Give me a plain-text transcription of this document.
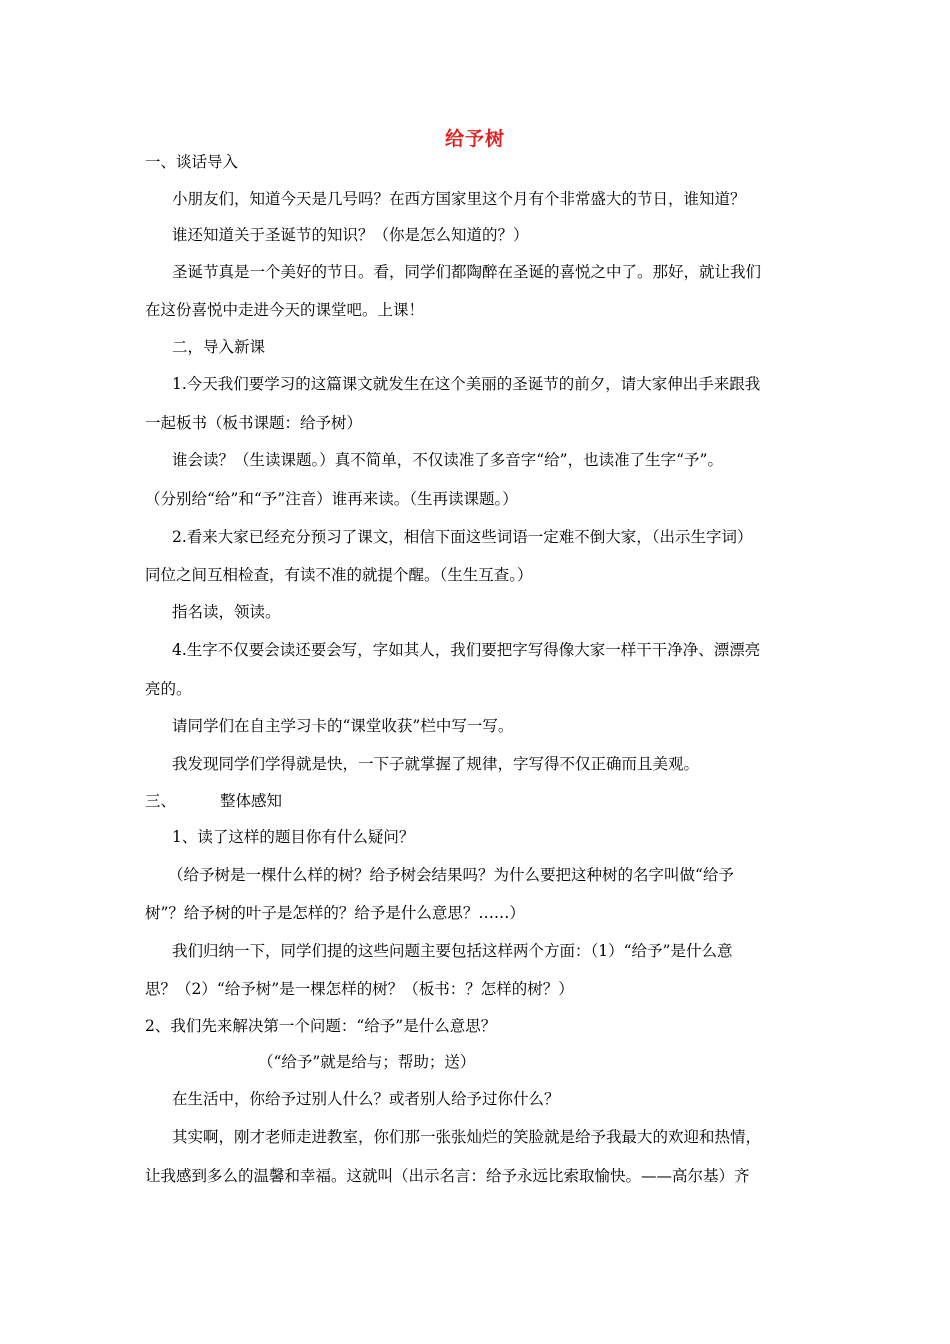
给予树
一、谈话导入
小朋友们，知道今天是几号吗？在西方国家里这个月有个非常盛大的节日，谁知道？
谁还知道关于圣诞节的知识？（你是怎么知道的？）
圣诞节真是一个美好的节日。看，同学们都陶醉在圣诞的喜悦之中了。那好，就让我们
在这份喜悦中走进今天的课堂吧。上课！
二，导入新课
1.今天我们要学习的这篇课文就发生在这个美丽的圣诞节的前夕，请大家伸出手来跟我
一起板书（板书课题：给予树）
谁会读？（生读课题。）真不简单，不仅读准了多音字“给”，也读准了生字“予”。
（分别给“给”和“予”注音）谁再来读。（生再读课题。）
2.看来大家已经充分预习了课文，相信下面这些词语一定难不倒大家，（出示生字词）
同位之间互相检查，有读不准的就提个醒。（生生互查。）
指名读，领读。
4.生字不仅要会读还要会写，字如其人，我们要把字写得像大家一样干干净净、漂漂亮
亮的。
请同学们在自主学习卡的“课堂收获”栏中写一写。
我发现同学们学得就是快，一下子就掌握了规律，字写得不仅正确而且美观。
三、	整体感知
1、读了这样的题目你有什么疑问？
（给予树是一棵什么样的树？给予树会结果吗？为什么要把这种树的名字叫做“给予
树”？给予树的叶子是怎样的？给予是什么意思？……）
我们归纳一下，同学们提的这些问题主要包括这样两个方面：（1）“给予”是什么意
思？（2）“给予树”是一棵怎样的树？（板书：？怎样的树？）
2、我们先来解决第一个问题：“给予”是什么意思？
（“给予”就是给与；帮助；送）
在生活中，你给予过别人什么？或者别人给予过你什么？
其实啊，刚才老师走进教室，你们那一张张灿烂的笑脸就是给予我最大的欢迎和热情，
让我感到多么的温馨和幸福。这就叫（出示名言：给予永远比索取愉快。——高尔基）齐
